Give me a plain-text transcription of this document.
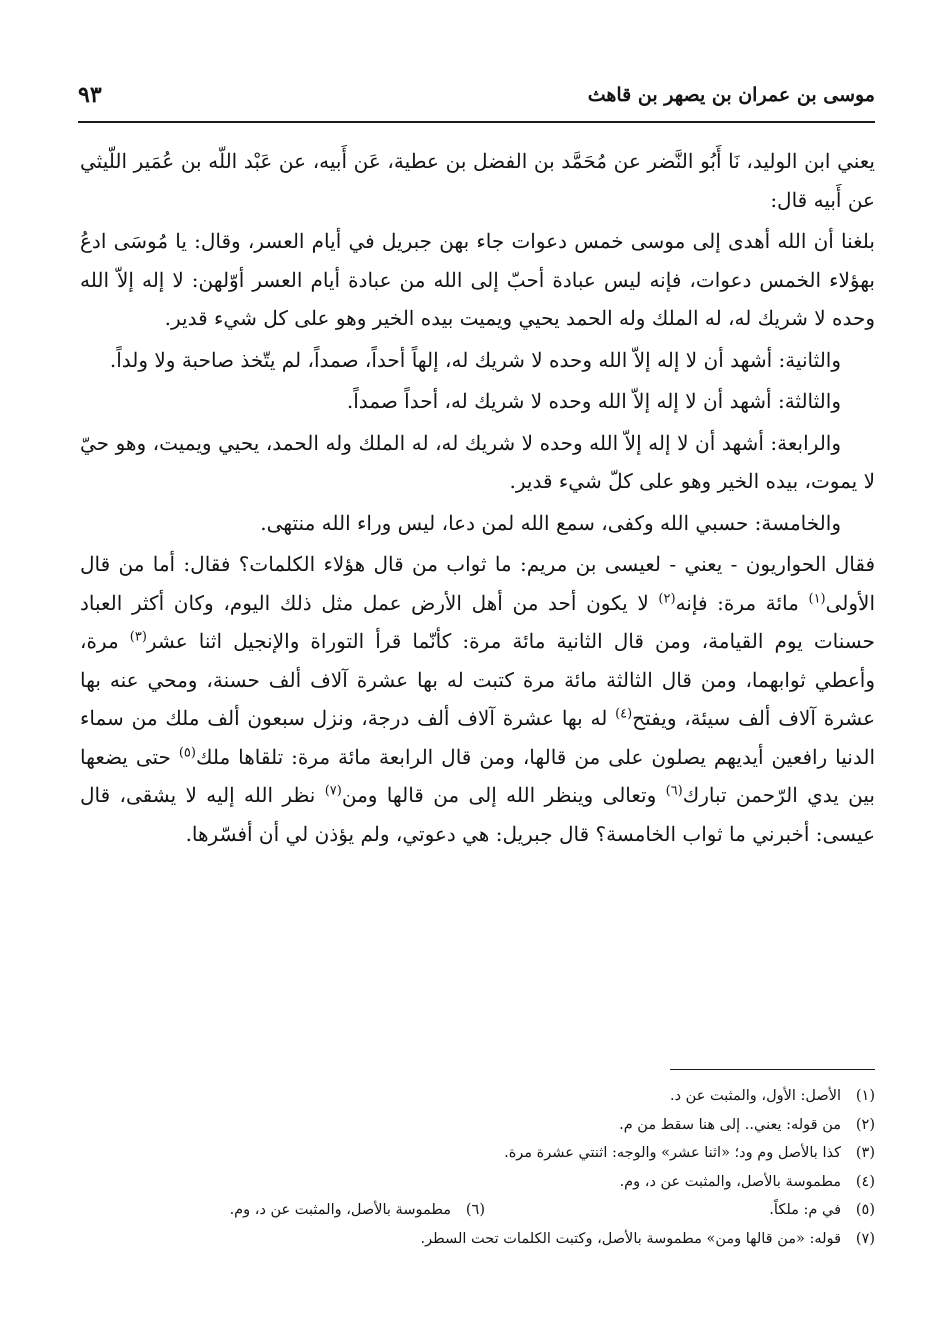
موسى بن عمران بن يصهر بن قاهث
٩٣

يعني ابن الوليد، نَا أَبُو النَّضر عن مُحَمَّد بن الفضل بن عطية، عَن أَبيه، عن عَبْد اللّه بن عُمَير اللّيثي عن أَبيه قال:

بلغنا أن الله أهدى إلى موسى خمس دعوات جاء بهن جبريل في أيام العسر، وقال: يا مُوسَى ادعُ بهؤلاء الخمس دعوات، فإنه ليس عبادة أحبّ إلى الله من عبادة أيام العسر أوّلهن: لا إله إلاّ الله وحده لا شريك له، له الملك وله الحمد يحيي ويميت بيده الخير وهو على كل شيء قدير.

والثانية: أشهد أن لا إله إلاّ الله وحده لا شريك له، إلهاً أحداً، صمداً، لم يتّخذ صاحبة ولا ولداً.

والثالثة: أشهد أن لا إله إلاّ الله وحده لا شريك له، أحداً صمداً.

والرابعة: أشهد أن لا إله إلاّ الله وحده لا شريك له، له الملك وله الحمد، يحيي ويميت، وهو حيّ لا يموت، بيده الخير وهو على كلّ شيء قدير.

والخامسة: حسبي الله وكفى، سمع الله لمن دعا، ليس وراء الله منتهى.

فقال الحواريون - يعني - لعيسى بن مريم: ما ثواب من قال هؤلاء الكلمات؟ فقال: أما من قال الأولى$^{(١)}$ مائة مرة: فإنه$^{(٢)}$ لا يكون أحد من أهل الأرض عمل مثل ذلك اليوم، وكان أكثر العباد حسنات يوم القيامة، ومن قال الثانية مائة مرة: كأنّما قرأ التوراة والإنجيل اثنا عشر$^{(٣)}$ مرة، وأعطي ثوابهما، ومن قال الثالثة مائة مرة كتبت له بها عشرة آلاف ألف حسنة، ومحي عنه بها عشرة آلاف ألف سيئة، ويفتح$^{(٤)}$ له بها عشرة آلاف ألف درجة، ونزل سبعون ألف ملك من سماء الدنيا رافعين أيديهم يصلون على من قالها، ومن قال الرابعة مائة مرة: تلقاها ملك$^{(٥)}$ حتى يضعها بين يدي الرّحمن تبارك$^{(٦)}$ وتعالى وينظر الله إلى من قالها ومن$^{(٧)}$ نظر الله إليه لا يشقى، قال عيسى: أخبرني ما ثواب الخامسة؟ قال جبريل: هي دعوتي، ولم يؤذن لي أن أفسّرها.

(١)الأصل: الأول، والمثبت عن د.
(٢)من قوله: يعني.. إلى هنا سقط من م.
(٣)كذا بالأصل وم ود؛ «اثنا عشر» والوجه: اثنتي عشرة مرة.
(٤)مطموسة بالأصل، والمثبت عن د، وم.
(٥)في م: ملكاً.
(٦)مطموسة بالأصل، والمثبت عن د، وم.
(٧)قوله: «من قالها ومن» مطموسة بالأصل، وكتبت الكلمات تحت السطر.
